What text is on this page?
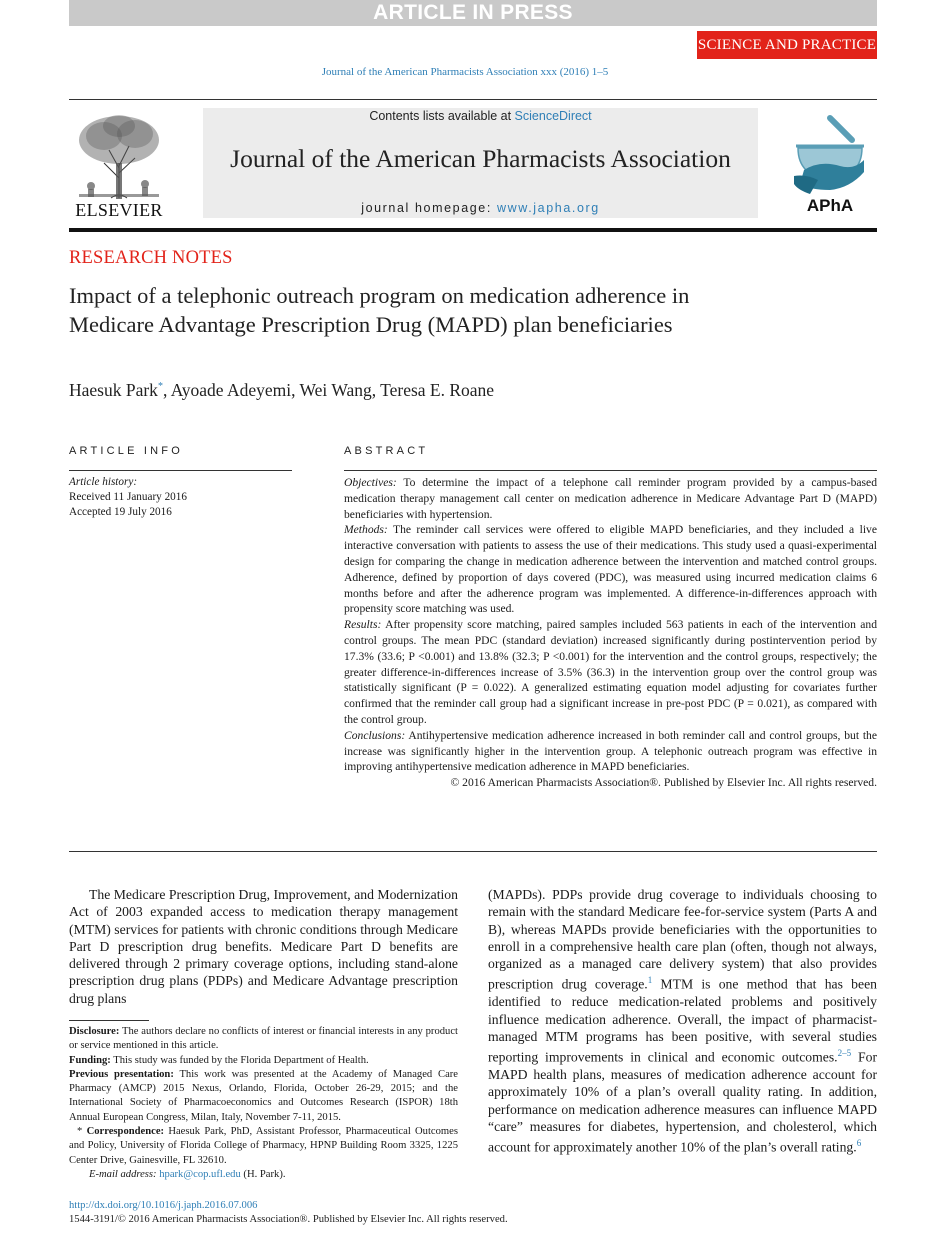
ARTICLE IN PRESS
SCIENCE AND PRACTICE
Journal of the American Pharmacists Association xxx (2016) 1–5
ELSEVIER
Contents lists available at ScienceDirect
Journal of the American Pharmacists Association
journal homepage: www.japha.org	APhA
RESEARCH NOTES
Impact of a telephonic outreach program on medication adherence in Medicare Advantage Prescription Drug (MAPD) plan beneficiaries
Haesuk Park*, Ayoade Adeyemi, Wei Wang, Teresa E. Roane
ARTICLE INFO	ABSTRACT
Article history:
Received 11 January 2016
Accepted 19 July 2016

Objectives: To determine the impact of a telephone call reminder program provided by a campus-based medication therapy management call center on medication adherence in Medicare Advantage Part D (MAPD) beneficiaries with hypertension.

Methods: The reminder call services were offered to eligible MAPD beneficiaries, and they included a live interactive conversation with patients to assess the use of their medications. This study used a quasi-experimental design for comparing the change in medication adherence between the intervention and matched control groups. Adherence, defined by proportion of days covered (PDC), was measured using incurred medication claims 6 months before and after the adherence program was implemented. A difference-in-differences approach with propensity score matching was used.

Results: After propensity score matching, paired samples included 563 patients in each of the intervention and control groups. The mean PDC (standard deviation) increased significantly during postintervention period by 17.3% (33.6; P <0.001) and 13.8% (32.3; P <0.001) for the intervention and the control groups, respectively; the greater difference-in-differences increase of 3.5% (36.3) in the intervention group over the control group was statistically significant (P = 0.022). A generalized estimating equation model adjusting for covariates further confirmed that the reminder call group had a significant increase in pre-post PDC (P = 0.021), as compared with the control group.

Conclusions: Antihypertensive medication adherence increased in both reminder call and control groups, but the increase was significantly higher in the intervention group. A telephonic outreach program was effective in improving antihypertensive medication adherence in MAPD beneficiaries.

© 2016 American Pharmacists Association®. Published by Elsevier Inc. All rights reserved.

The Medicare Prescription Drug, Improvement, and Modernization Act of 2003 expanded access to medication therapy management (MTM) services for patients with chronic conditions through Medicare Part D prescription drug benefits. Medicare Part D benefits are delivered through 2 primary coverage options, including stand-alone prescription drug plans (PDPs) and Medicare Advantage prescription drug plans
(MAPDs). PDPs provide drug coverage to individuals choosing to remain with the standard Medicare fee-for-service system (Parts A and B), whereas MAPDs provide beneficiaries with the opportunities to enroll in a comprehensive health care plan (often, though not always, organized as a managed care delivery system) that also provides prescription drug coverage.$^1$ MTM is one method that has been identified to reduce medication-related problems and positively influence medication adherence. Overall, the impact of pharmacist-managed MTM programs has been positive, with several studies reporting improvements in clinical and economic outcomes.$^{2-5}$ For MAPD health plans, measures of medication adherence account for approximately 10% of a plan’s overall quality rating. In addition, performance on medication adherence measures can influence MAPD “care” measures for diabetes, hypertension, and cholesterol, which account for approximately another 10% of the plan’s overall rating.$^6$

Disclosure: The authors declare no conflicts of interest or financial interests in any product or service mentioned in this article.

Funding: This study was funded by the Florida Department of Health.

Previous presentation: This work was presented at the Academy of Managed Care Pharmacy (AMCP) 2015 Nexus, Orlando, Florida, October 26-29, 2015; and the International Society of Pharmacoeconomics and Outcomes Research (ISPOR) 18th Annual European Congress, Milan, Italy, November 7-11, 2015.

* Correspondence: Haesuk Park, PhD, Assistant Professor, Pharmaceutical Outcomes and Policy, University of Florida College of Pharmacy, HPNP Building Room 3325, 1225 Center Drive, Gainesville, FL 32610.

E-mail address: hpark@cop.ufl.edu (H. Park).

http://dx.doi.org/10.1016/j.japh.2016.07.006
1544-3191/© 2016 American Pharmacists Association®. Published by Elsevier Inc. All rights reserved.
